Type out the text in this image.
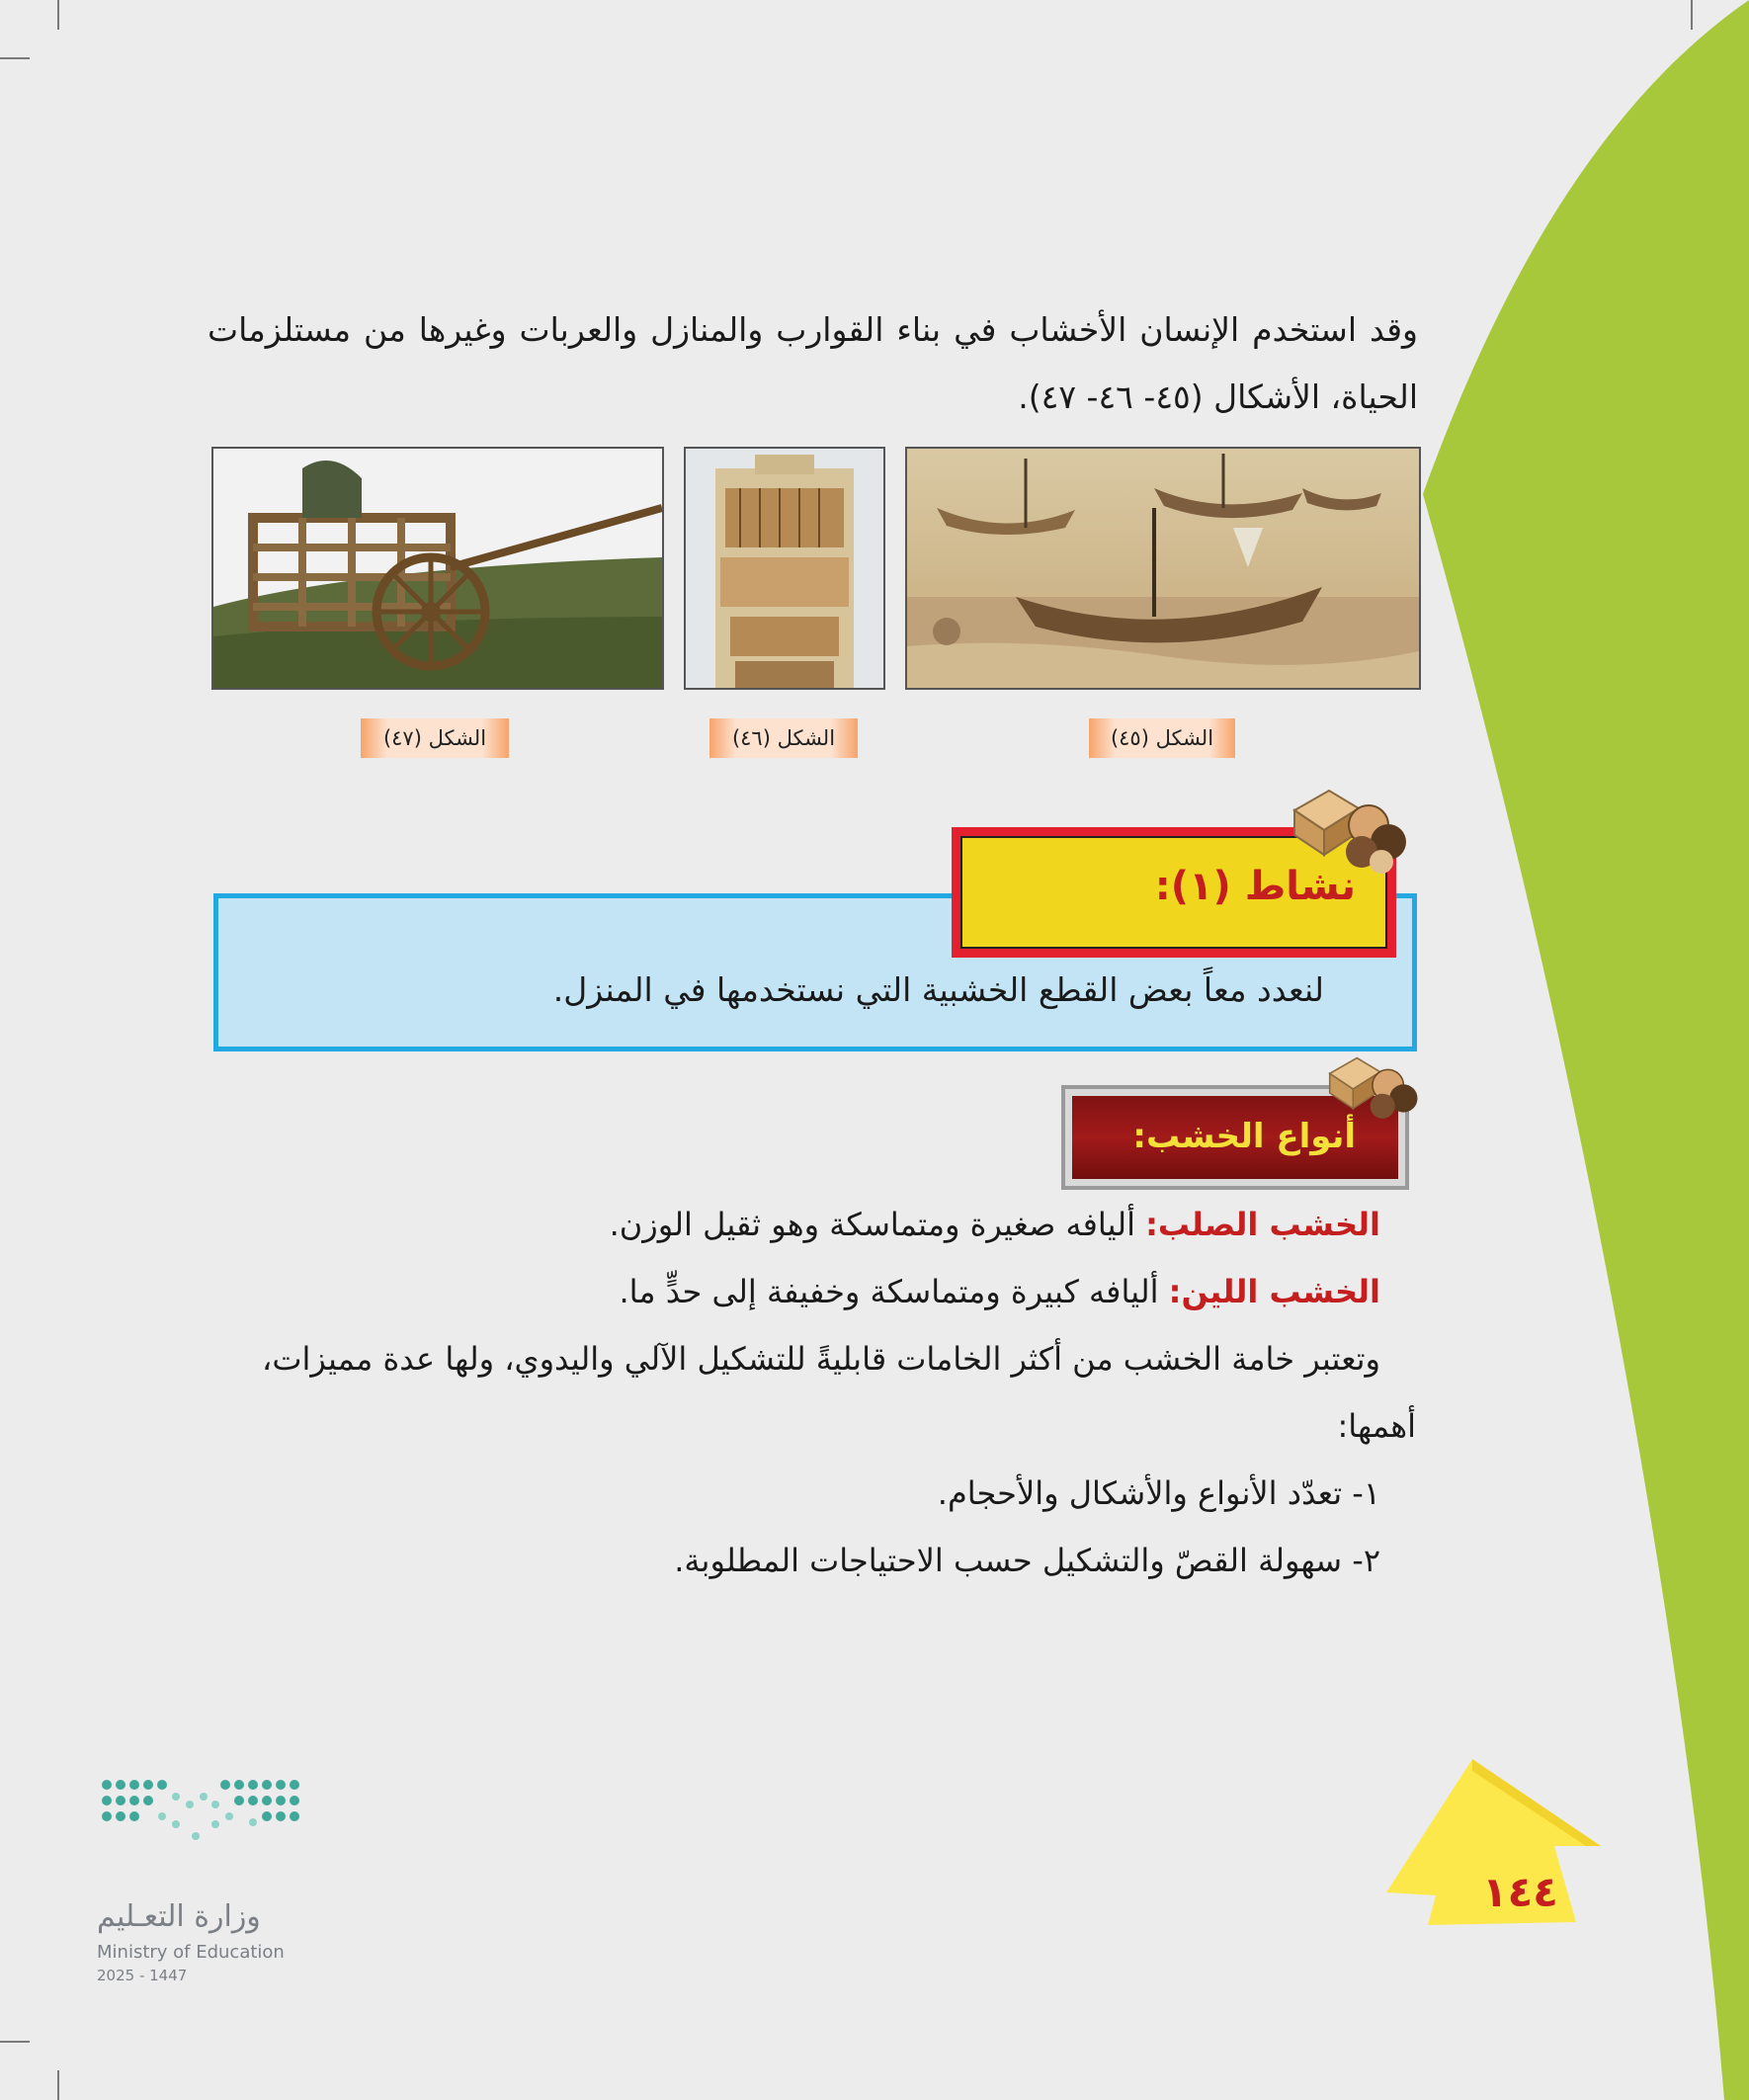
وقد استخدم الإنسان الأخشاب في بناء القوارب والمنازل والعربات وغيرها من مستلزمات
الحياة، الأشكال (٤٥- ٤٦- ٤٧).
الشكل (٤٥)
الشكل (٤٦)
الشكل (٤٧)
نشاط (١):
لنعدد معاً بعض القطع الخشبية التي نستخدمها في المنزل.
أنواع الخشب:
الخشب الصلب: أليافه صغيرة ومتماسكة وهو ثقيل الوزن.
الخشب اللين: أليافه كبيرة ومتماسكة وخفيفة إلى حدٍّ ما.
وتعتبر خامة الخشب من أكثر الخامات قابليةً للتشكيل الآلي واليدوي، ولها عدة مميزات،
أهمها:
١- تعدّد الأنواع والأشكال والأحجام.
٢- سهولة القصّ والتشكيل حسب الاحتياجات المطلوبة.
١٤٤
وزارة التعـليم
Ministry of Education
2025 - 1447
